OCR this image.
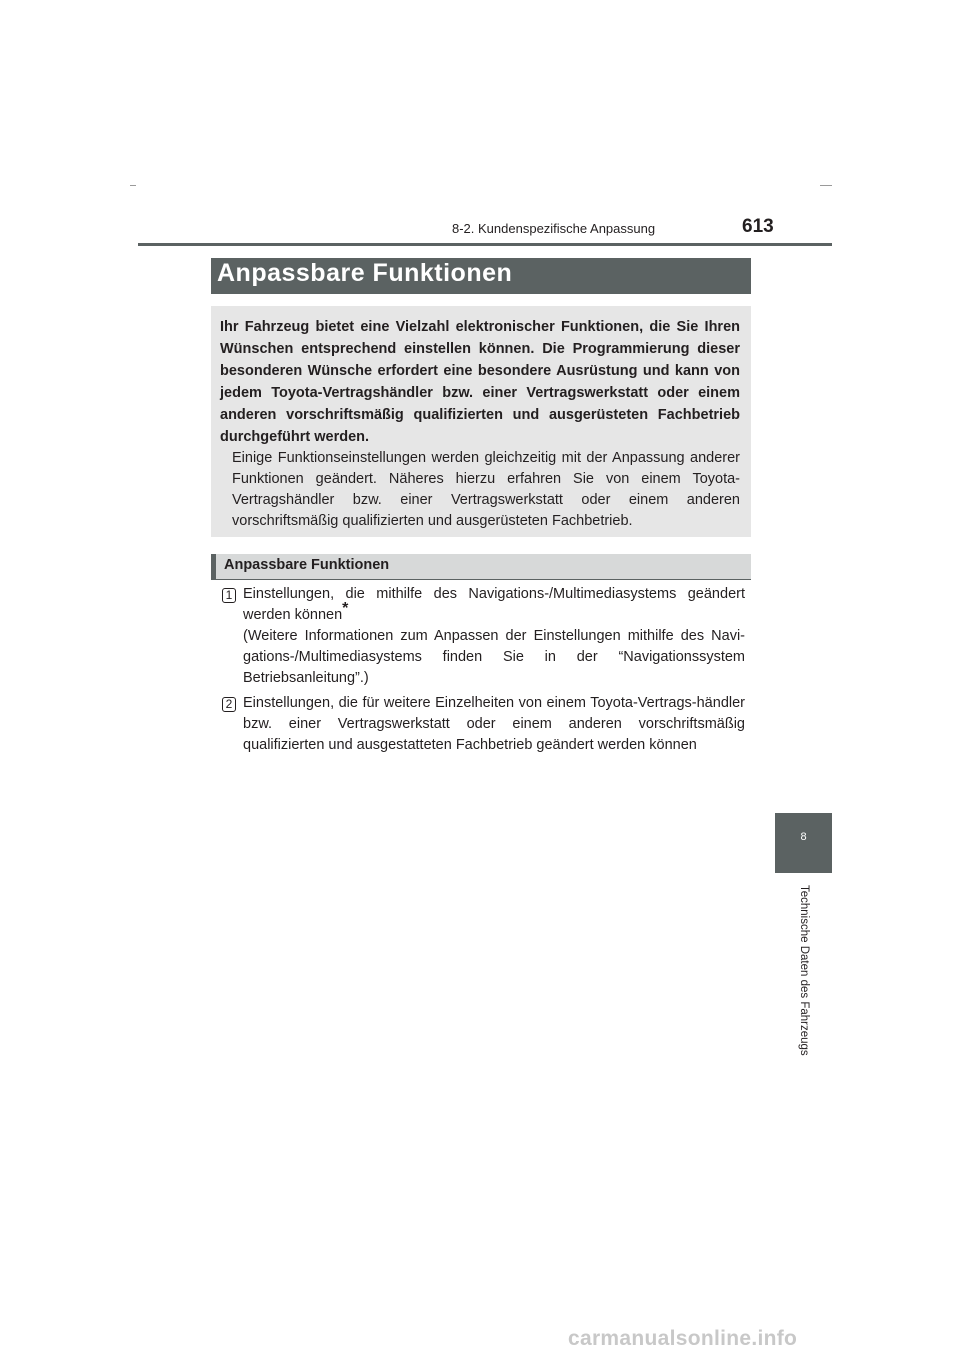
8-2. Kundenspezifische Anpassung	613
Anpassbare Funktionen

Ihr Fahrzeug bietet eine Vielzahl elektronischer Funktionen, die Sie Ihren Wünschen entsprechend einstellen können. Die Programmierung dieser besonderen Wünsche erfordert eine besondere Ausrüstung und kann von jedem Toyota-Vertragshändler bzw. einer Vertragswerkstatt oder einem anderen vorschriftsmäßig qualifizierten und ausgerüsteten Fachbetrieb durchgeführt werden.

Einige Funktionseinstellungen werden gleichzeitig mit der Anpassung anderer Funktionen geändert. Näheres hierzu erfahren Sie von einem Toyota-Vertragshändler bzw. einer Vertragswerkstatt oder einem anderen vorschriftsmäßig qualifizierten und ausgerüsteten Fachbetrieb.

Anpassbare Funktionen
1 Einstellungen, die mithilfe des Navigations-/Multimediasystems geändert werden können*
(Weitere Informationen zum Anpassen der Einstellungen mithilfe des Navi-gations-/Multimediasystems finden Sie in der “Navigationssystem Betriebsanleitung”.)

2 Einstellungen, die für weitere Einzelheiten von einem Toyota-Vertrags-händler bzw. einer Vertragswerkstatt oder einem anderen vorschriftsmäßig qualifizierten und ausgestatteten Fachbetrieb geändert werden können

8
Technische Daten des Fahrzeugs
carmanualsonline.info
